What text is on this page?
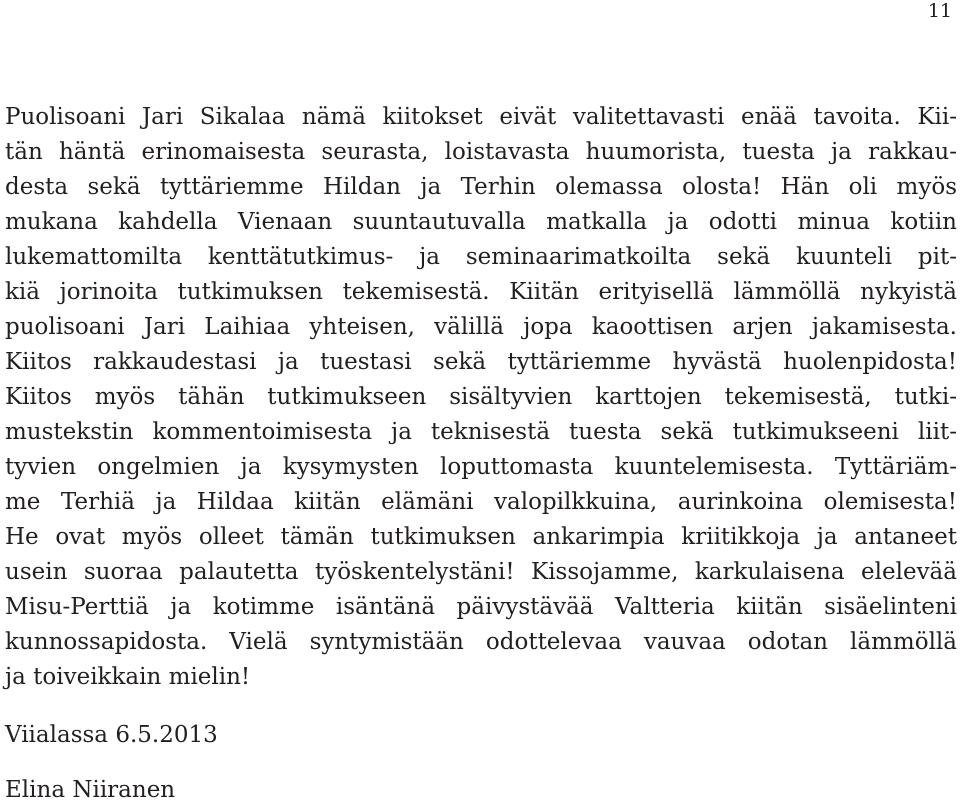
11
Puolisoani Jari Sikalaa nämä kiitokset eivät valitettavasti enää tavoita. Kii-
tän häntä erinomaisesta seurasta, loistavasta huumorista, tuesta ja rakkau-
desta sekä tyttäriemme Hildan ja Terhin olemassa olosta! Hän oli myös
mukana kahdella Vienaan suuntautuvalla matkalla ja odotti minua kotiin
lukemattomilta kenttätutkimus- ja seminaarimatkoilta sekä kuunteli pit-
kiä jorinoita tutkimuksen tekemisestä. Kiitän erityisellä lämmöllä nykyistä
puolisoani Jari Laihiaa yhteisen, välillä jopa kaoottisen arjen jakamisesta.
Kiitos rakkaudestasi ja tuestasi sekä tyttäriemme hyvästä huolenpidosta!
Kiitos myös tähän tutkimukseen sisältyvien karttojen tekemisestä, tutki-
mustekstin kommentoimisesta ja teknisestä tuesta sekä tutkimukseeni liit-
tyvien ongelmien ja kysymysten loputtomasta kuuntelemisesta. Tyttäriäm-
me Terhiä ja Hildaa kiitän elämäni valopilkkuina, aurinkoina olemisesta!
He ovat myös olleet tämän tutkimuksen ankarimpia kriitikkoja ja antaneet
usein suoraa palautetta työskentelystäni! Kissojamme, karkulaisena elelevää
Misu-Perttiä ja kotimme isäntänä päivystävää Valtteria kiitän sisäelinteni
kunnossapidosta. Vielä syntymistään odottelevaa vauvaa odotan lämmöllä
ja toiveikkain mielin!
Viialassa 6.5.2013
Elina Niiranen
